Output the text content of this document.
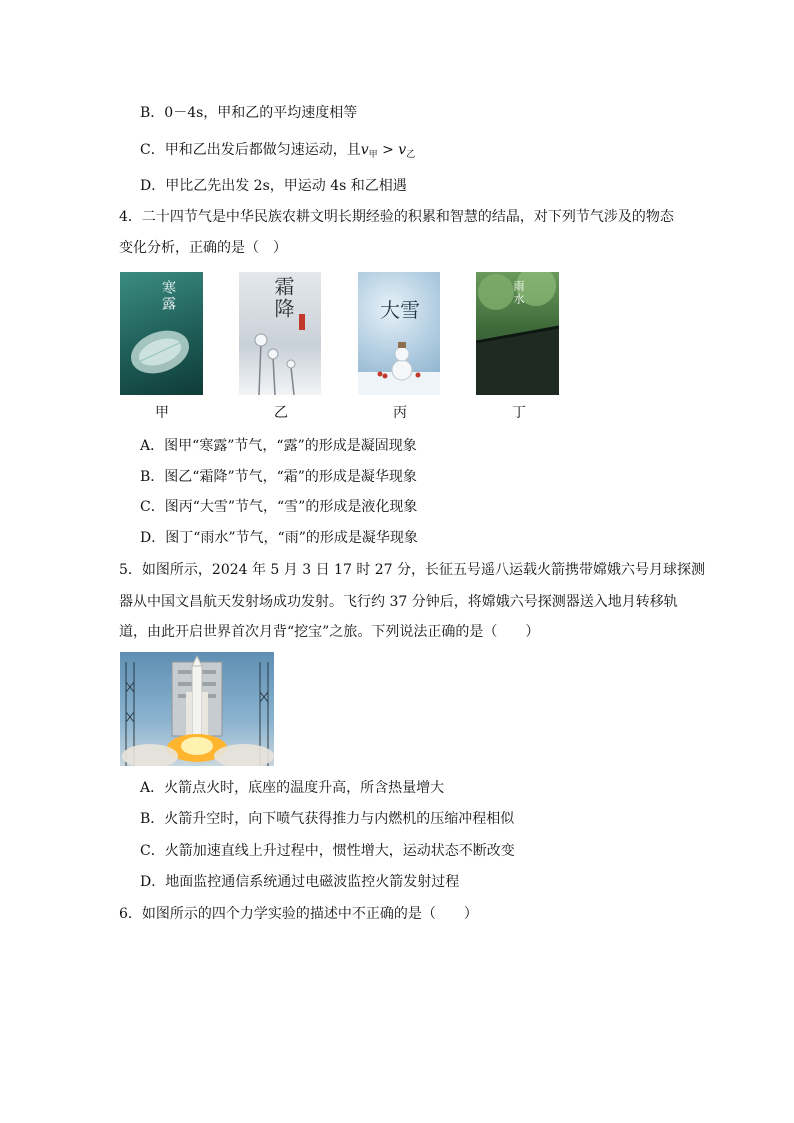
B．0－4s，甲和乙的平均速度相等
C．甲和乙出发后都做匀速运动，且$v_甲 > v_乙$
D．甲比乙先出发 2s，甲运动 4s 和乙相遇
4．二十四节气是中华民族农耕文明长期经验的积累和智慧的结晶，对下列节气涉及的物态
变化分析，正确的是（　）
寒露
甲
霜降
乙
大雪
丙
雨水
丁
A．图甲“寒露”节气，“露”的形成是凝固现象
B．图乙“霜降”节气，“霜”的形成是凝华现象
C．图丙“大雪”节气，“雪”的形成是液化现象
D．图丁“雨水”节气，“雨”的形成是凝华现象
5．如图所示，2024 年 5 月 3 日 17 时 27 分，长征五号遥八运载火箭携带嫦娥六号月球探测
器从中国文昌航天发射场成功发射。飞行约 37 分钟后，将嫦娥六号探测器送入地月转移轨
道，由此开启世界首次月背“挖宝”之旅。下列说法正确的是（　　）
A．火箭点火时，底座的温度升高，所含热量增大
B．火箭升空时，向下喷气获得推力与内燃机的压缩冲程相似
C．火箭加速直线上升过程中，惯性增大，运动状态不断改变
D．地面监控通信系统通过电磁波监控火箭发射过程
6．如图所示的四个力学实验的描述中不正确的是（　　）
